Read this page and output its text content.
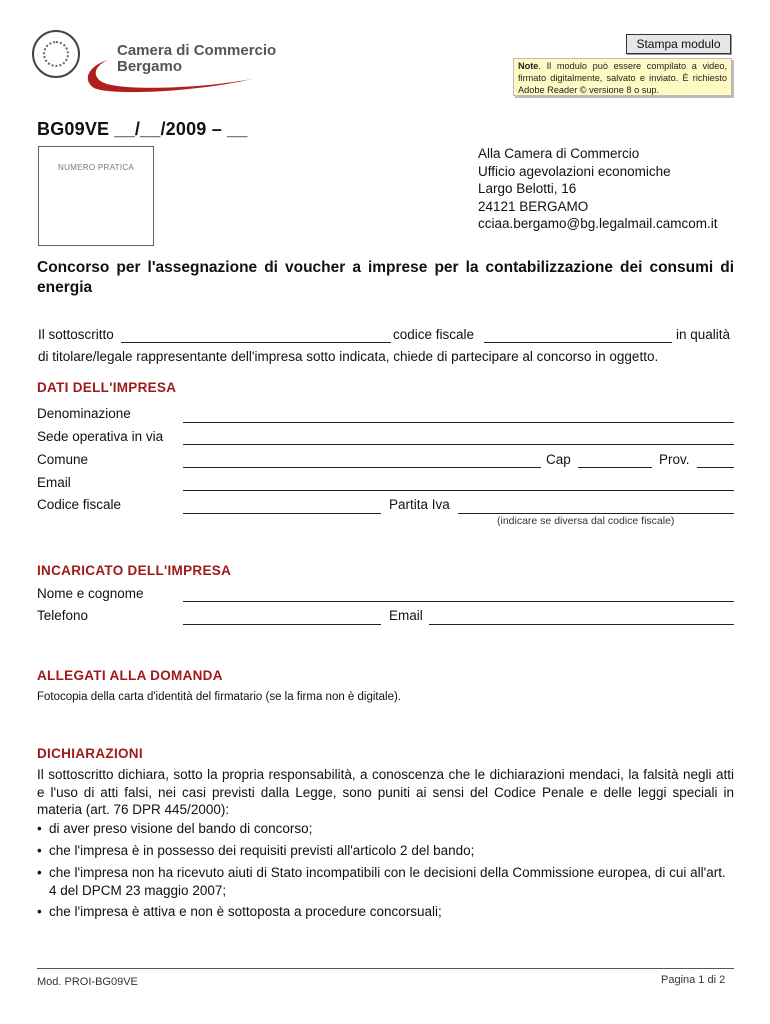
Camera di Commercio
Bergamo
Stampa modulo
Note. Il modulo può essere compilato a video, firmato digitalmente, salvato e inviato. È richiesto Adobe Reader © versione 8 o sup.
BG09VE __/__/2009 – __
NUMERO PRATICA
Alla Camera di Commercio
Ufficio agevolazioni economiche
Largo Belotti, 16
24121 BERGAMO
cciaa.bergamo@bg.legalmail.camcom.it
Concorso per l'assegnazione di voucher a imprese per la contabilizzazione dei consumi di energia
Il sottoscritto	codice fiscale	in qualità
di titolare/legale rappresentante dell'impresa sotto indicata, chiede di partecipare al concorso in oggetto.
DATI DELL'IMPRESA
Denominazione
Sede operativa in via
Comune	Cap	Prov.
Email
Codice fiscale	Partita Iva
(indicare se diversa dal codice fiscale)
INCARICATO DELL'IMPRESA
Nome e cognome
Telefono	Email
ALLEGATI ALLA DOMANDA
Fotocopia della carta d'identità del firmatario (se la firma non è digitale).
DICHIARAZIONI
Il sottoscritto dichiara, sotto la propria responsabilità, a conoscenza che le dichiarazioni mendaci, la falsità negli atti e l'uso di atti falsi, nei casi previsti dalla Legge, sono puniti ai sensi del Codice Penale e delle leggi speciali in materia (art. 76 DPR 445/2000):
• di aver preso visione del bando di concorso;
• che l'impresa è in possesso dei requisiti previsti all'articolo 2 del bando;
• che l'impresa non ha ricevuto aiuti di Stato incompatibili con le decisioni della Commissione europea, di cui all'art. 4 del DPCM 23 maggio 2007;
• che l'impresa è attiva e non è sottoposta a procedure concorsuali;
Mod. PROI-BG09VE	Pagina 1 di 2
